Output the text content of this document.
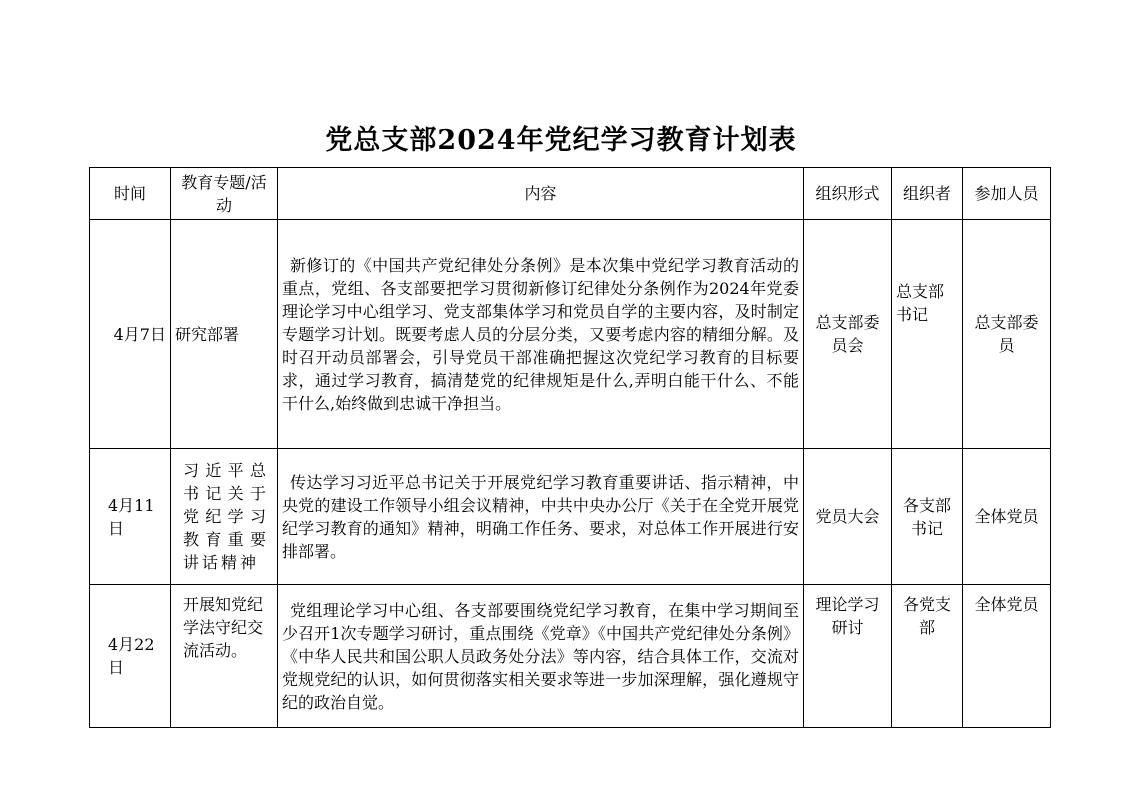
党总支部2024年党纪学习教育计划表
时间	教育专题/活动	内容	组织形式	组织者	参加人员
4月7日	研究部署	新修订的《中国共产党纪律处分条例》是本次集中党纪学习教育活动的重点，党组、各支部要把学习贯彻新修订纪律处分条例作为2024年党委理论学习中心组学习、党支部集体学习和党员自学的主要内容，及时制定专题学习计划。既要考虑人员的分层分类，又要考虑内容的精细分解。及时召开动员部署会，引导党员干部准确把握这次党纪学习教育的目标要求，通过学习教育，搞清楚党的纪律规矩是什么,弄明白能干什么、不能干什么,始终做到忠诚干净担当。	总支部委员会	总支部书记	总支部委员
4月11日	习近平总书记关于党纪学习教育重要讲话精神	传达学习习近平总书记关于开展党纪学习教育重要讲话、指示精神，中央党的建设工作领导小组会议精神，中共中央办公厅《关于在全党开展党纪学习教育的通知》精神，明确工作任务、要求，对总体工作开展进行安排部署。	党员大会	各支部书记	全体党员
4月22日	开展知党纪学法守纪交流活动。	党组理论学习中心组、各支部要围绕党纪学习教育，在集中学习期间至少召开1次专题学习研讨，重点围绕《党章》《中国共产党纪律处分条例》《中华人民共和国公职人员政务处分法》等内容，结合具体工作，交流对党规党纪的认识，如何贯彻落实相关要求等进一步加深理解，强化遵规守纪的政治自觉。	理论学习研讨	各党支部	全体党员
